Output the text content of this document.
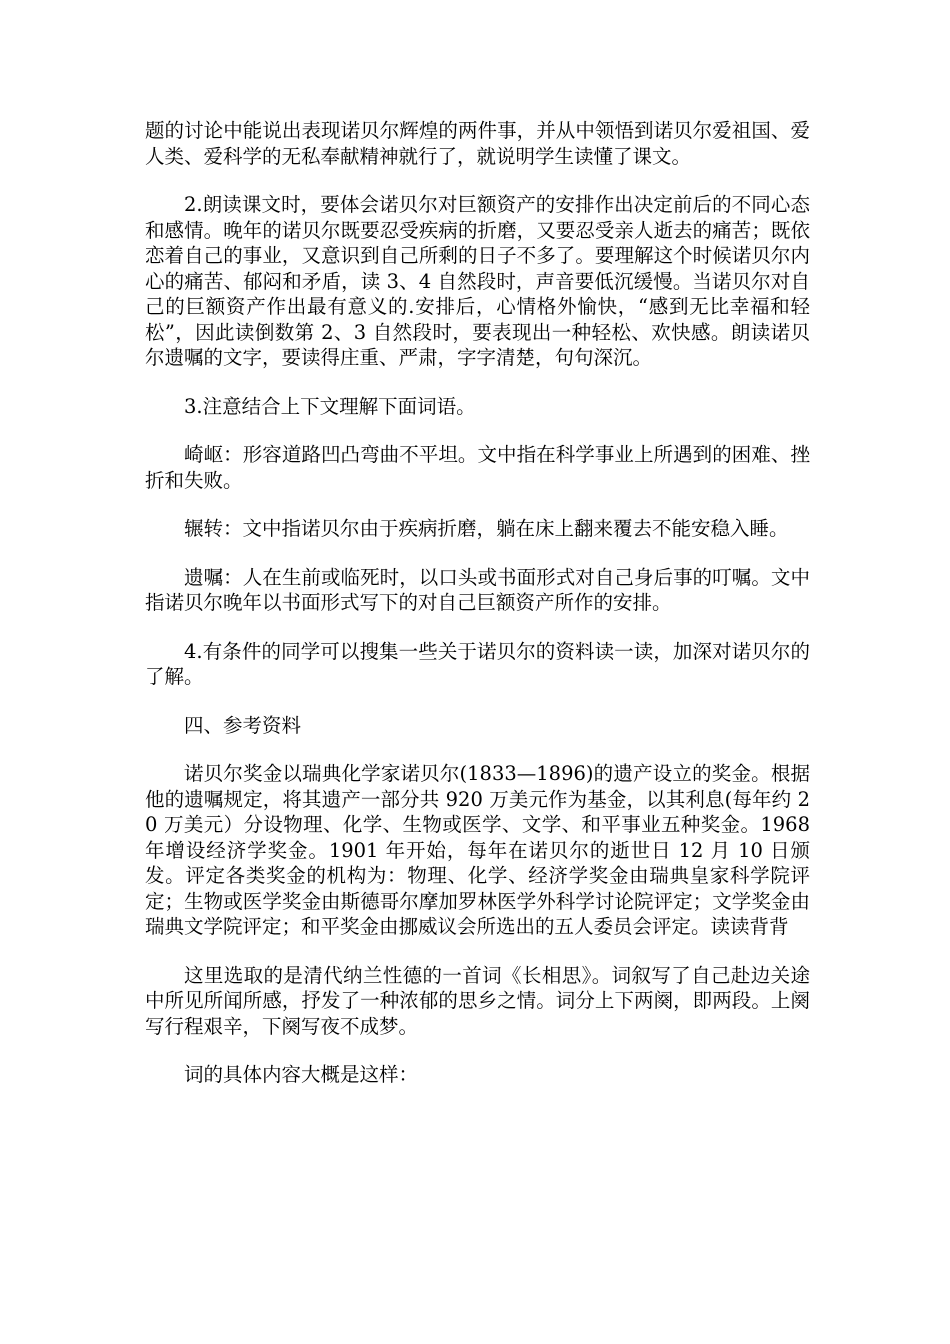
题的讨论中能说出表现诺贝尔辉煌的两件事，并从中领悟到诺贝尔爱祖国、爱人类、爱科学的无私奉献精神就行了，就说明学生读懂了课文。

2.朗读课文时，要体会诺贝尔对巨额资产的安排作出决定前后的不同心态和感情。晚年的诺贝尔既要忍受疾病的折磨，又要忍受亲人逝去的痛苦；既依恋着自己的事业，又意识到自己所剩的日子不多了。要理解这个时候诺贝尔内心的痛苦、郁闷和矛盾，读 3、4 自然段时，声音要低沉缓慢。当诺贝尔对自己的巨额资产作出最有意义的.安排后，心情格外愉快，“感到无比幸福和轻松”，因此读倒数第 2、3 自然段时，要表现出一种轻松、欢快感。朗读诺贝尔遗嘱的文字，要读得庄重、严肃，字字清楚，句句深沉。

3.注意结合上下文理解下面词语。

崎岖：形容道路凹凸弯曲不平坦。文中指在科学事业上所遇到的困难、挫折和失败。

辗转：文中指诺贝尔由于疾病折磨，躺在床上翻来覆去不能安稳入睡。

遗嘱：人在生前或临死时，以口头或书面形式对自己身后事的叮嘱。文中指诺贝尔晚年以书面形式写下的对自己巨额资产所作的安排。

4.有条件的同学可以搜集一些关于诺贝尔的资料读一读，加深对诺贝尔的了解。

四、参考资料

诺贝尔奖金以瑞典化学家诺贝尔(1833—1896)的遗产设立的奖金。根据他的遗嘱规定，将其遗产一部分共 920 万美元作为基金，以其利息(每年约 20 万美元）分设物理、化学、生物或医学、文学、和平事业五种奖金。1968 年增设经济学奖金。1901 年开始，每年在诺贝尔的逝世日 12 月 10 日颁发。评定各类奖金的机构为：物理、化学、经济学奖金由瑞典皇家科学院评定；生物或医学奖金由斯德哥尔摩加罗林医学外科学讨论院评定；文学奖金由瑞典文学院评定；和平奖金由挪威议会所选出的五人委员会评定。读读背背

这里选取的是清代纳兰性德的一首词《长相思》。词叙写了自己赴边关途中所见所闻所感，抒发了一种浓郁的思乡之情。词分上下两阕，即两段。上阕写行程艰辛，下阕写夜不成梦。

词的具体内容大概是这样：
